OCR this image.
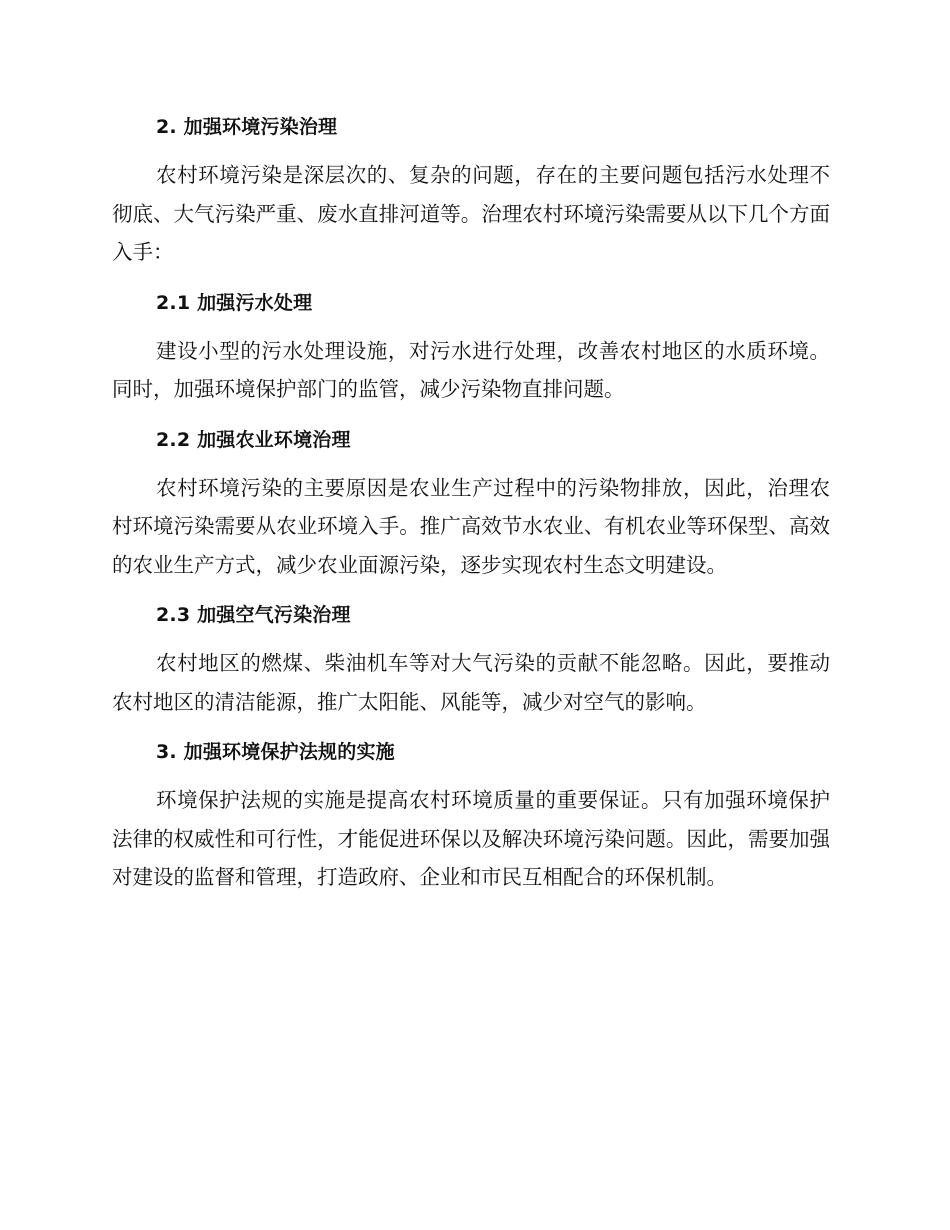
2. 加强环境污染治理

农村环境污染是深层次的、复杂的问题，存在的主要问题包括污水处理不彻底、大气污染严重、废水直排河道等。治理农村环境污染需要从以下几个方面入手：

2.1 加强污水处理

建设小型的污水处理设施，对污水进行处理，改善农村地区的水质环境。同时，加强环境保护部门的监管，减少污染物直排问题。

2.2 加强农业环境治理

农村环境污染的主要原因是农业生产过程中的污染物排放，因此，治理农村环境污染需要从农业环境入手。推广高效节水农业、有机农业等环保型、高效的农业生产方式，减少农业面源污染，逐步实现农村生态文明建设。

2.3 加强空气污染治理

农村地区的燃煤、柴油机车等对大气污染的贡献不能忽略。因此，要推动农村地区的清洁能源，推广太阳能、风能等，减少对空气的影响。

3. 加强环境保护法规的实施

环境保护法规的实施是提高农村环境质量的重要保证。只有加强环境保护法律的权威性和可行性，才能促进环保以及解决环境污染问题。因此，需要加强对建设的监督和管理，打造政府、企业和市民互相配合的环保机制。
